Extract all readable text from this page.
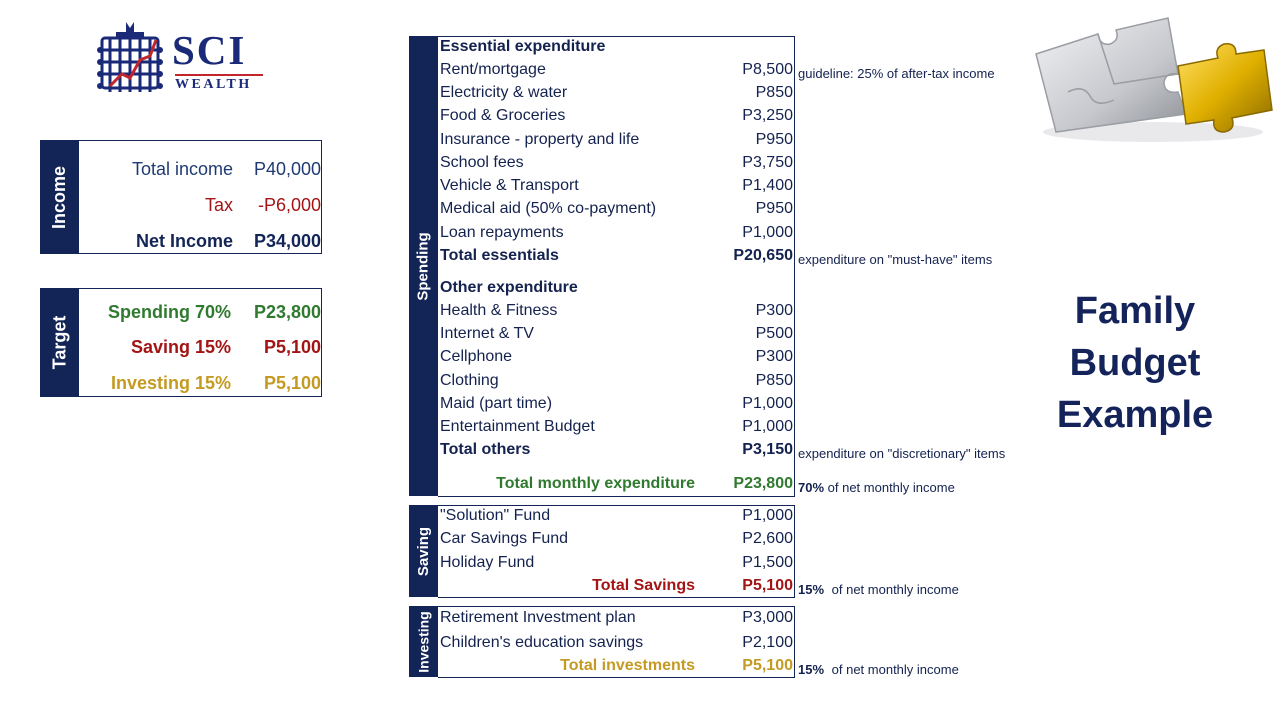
SCI
WEALTH
Income	Total income P40,000
Tax -P6,000
Net Income P34,000
Target
Spending 70% P23,800
Saving 15% P5,100
Investing 15% P5,100
Spending
Essential expenditure
Rent/mortgage	P8,500
Electricity & water	P850
Food & Groceries	P3,250
Insurance - property and life	P950
School fees	P3,750
Vehicle & Transport	P1,400
Medical aid (50% co-payment)	P950
Loan repayments	P1,000
Total essentials	P20,650
Other expenditure
Health & Fitness	P300
Internet & TV	P500
Cellphone	P300
Clothing	P850
Maid (part time)	P1,000
Entertainment Budget	P1,000
Total others	P3,150
Total monthly expenditure P23,800
Saving
"Solution" Fund	P1,000
Car Savings Fund	P2,600
Holiday Fund	P1,500
Total Savings	P5,100
Investing Retirement Investment plan	P3,000
Children's education savings	P2,100
Total investments	P5,100
guideline: 25% of after-tax income
expenditure on "must-have" items
expenditure on "discretionary" items
70% of net monthly income
15% of net monthly income
15% of net monthly income
Family
Budget
Example
